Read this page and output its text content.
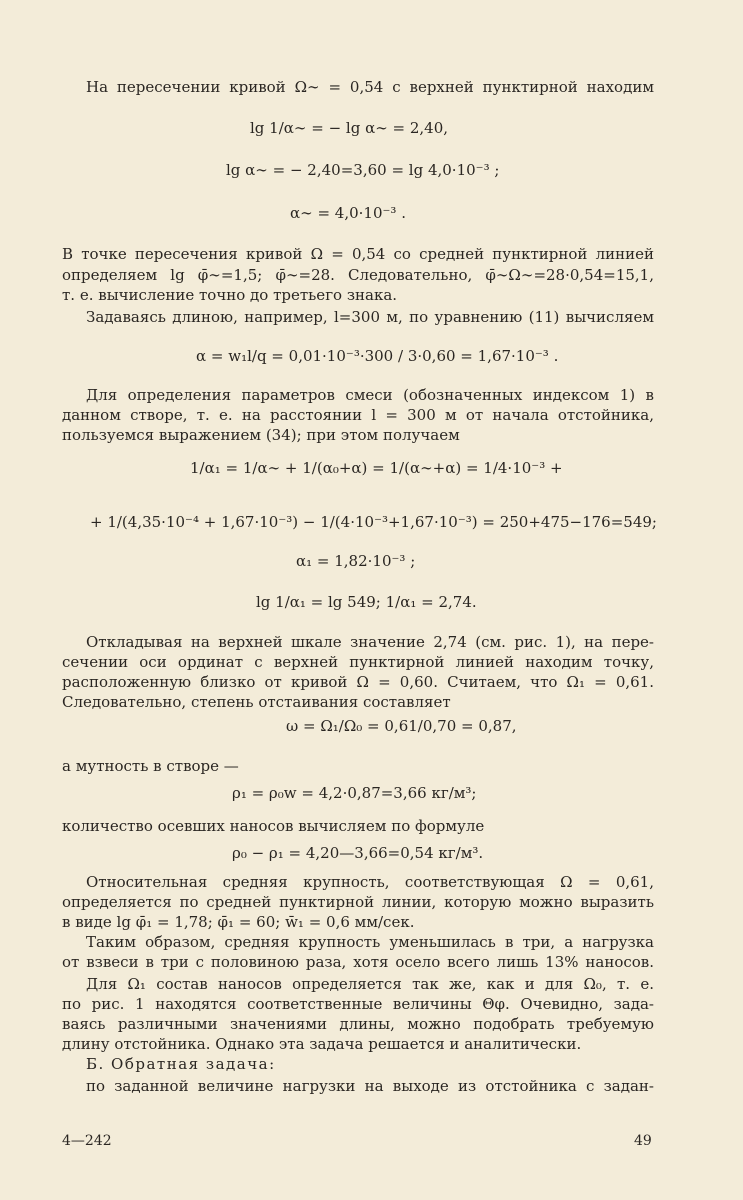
На пересечении кривой Ω∼ = 0,54 с верхней пунктирной находим
lg 1/α∼ = − lg α∼ = 2,40,
lg α∼ = − 2,40=3,60 = lg 4,0·10⁻³ ;
α∼ = 4,0·10⁻³ .
В точке пересечения кривой Ω = 0,54 со средней пунктирной линией
определяем lg φ̄∼=1,5; φ̄∼=28. Следовательно, φ̄∼Ω∼=28·0,54=15,1,
т. е. вычисление точно до третьего знака.
Задаваясь длиною, например, l=300 м, по уравнению (11) вычисляем
α = w₁l/q = 0,01·10⁻³·300 / 3·0,60 = 1,67·10⁻³ .
Для определения параметров смеси (обозначенных индексом 1) в
данном створе, т. е. на расстоянии l = 300 м от начала отстойника,
пользуемся выражением (34); при этом получаем
1/α₁ = 1/α∼ + 1/(α₀+α) = 1/(α∼+α) = 1/4·10⁻³ +
+ 1/(4,35·10⁻⁴ + 1,67·10⁻³) − 1/(4·10⁻³+1,67·10⁻³) = 250+475−176=549;
α₁ = 1,82·10⁻³ ;
lg 1/α₁ = lg 549; 1/α₁ = 2,74.
Откладывая на верхней шкале значение 2,74 (см. рис. 1), на пере-
сечении оси ординат с верхней пунктирной линией находим точку,
расположенную близко от кривой Ω = 0,60. Считаем, что Ω₁ = 0,61.
Следовательно, степень отстаивания составляет
ω = Ω₁/Ω₀ = 0,61/0,70 = 0,87,
а мутность в створе —
ρ₁ = ρ₀w = 4,2·0,87=3,66 кг/м³;
количество осевших наносов вычисляем по формуле
ρ₀ − ρ₁ = 4,20—3,66=0,54 кг/м³.
Относительная средняя крупность, соответствующая Ω = 0,61,
определяется по средней пунктирной линии, которую можно выразить
в виде lg φ̄₁ = 1,78; φ̄₁ = 60; w̄₁ = 0,6 мм/сек.
Таким образом, средняя крупность уменьшилась в три, а нагрузка
от взвеси в три с половиною раза, хотя осело всего лишь 13% наносов.
Для Ω₁ состав наносов определяется так же, как и для Ω₀, т. е.
по рис. 1 находятся соответственные величины Θφ. Очевидно, зада-
ваясь различными значениями длины, можно подобрать требуемую
длину отстойника. Однако эта задача решается и аналитически.
Б. Обратная задача:
по заданной величине нагрузки на выходе из отстойника с задан-
4—242	49
